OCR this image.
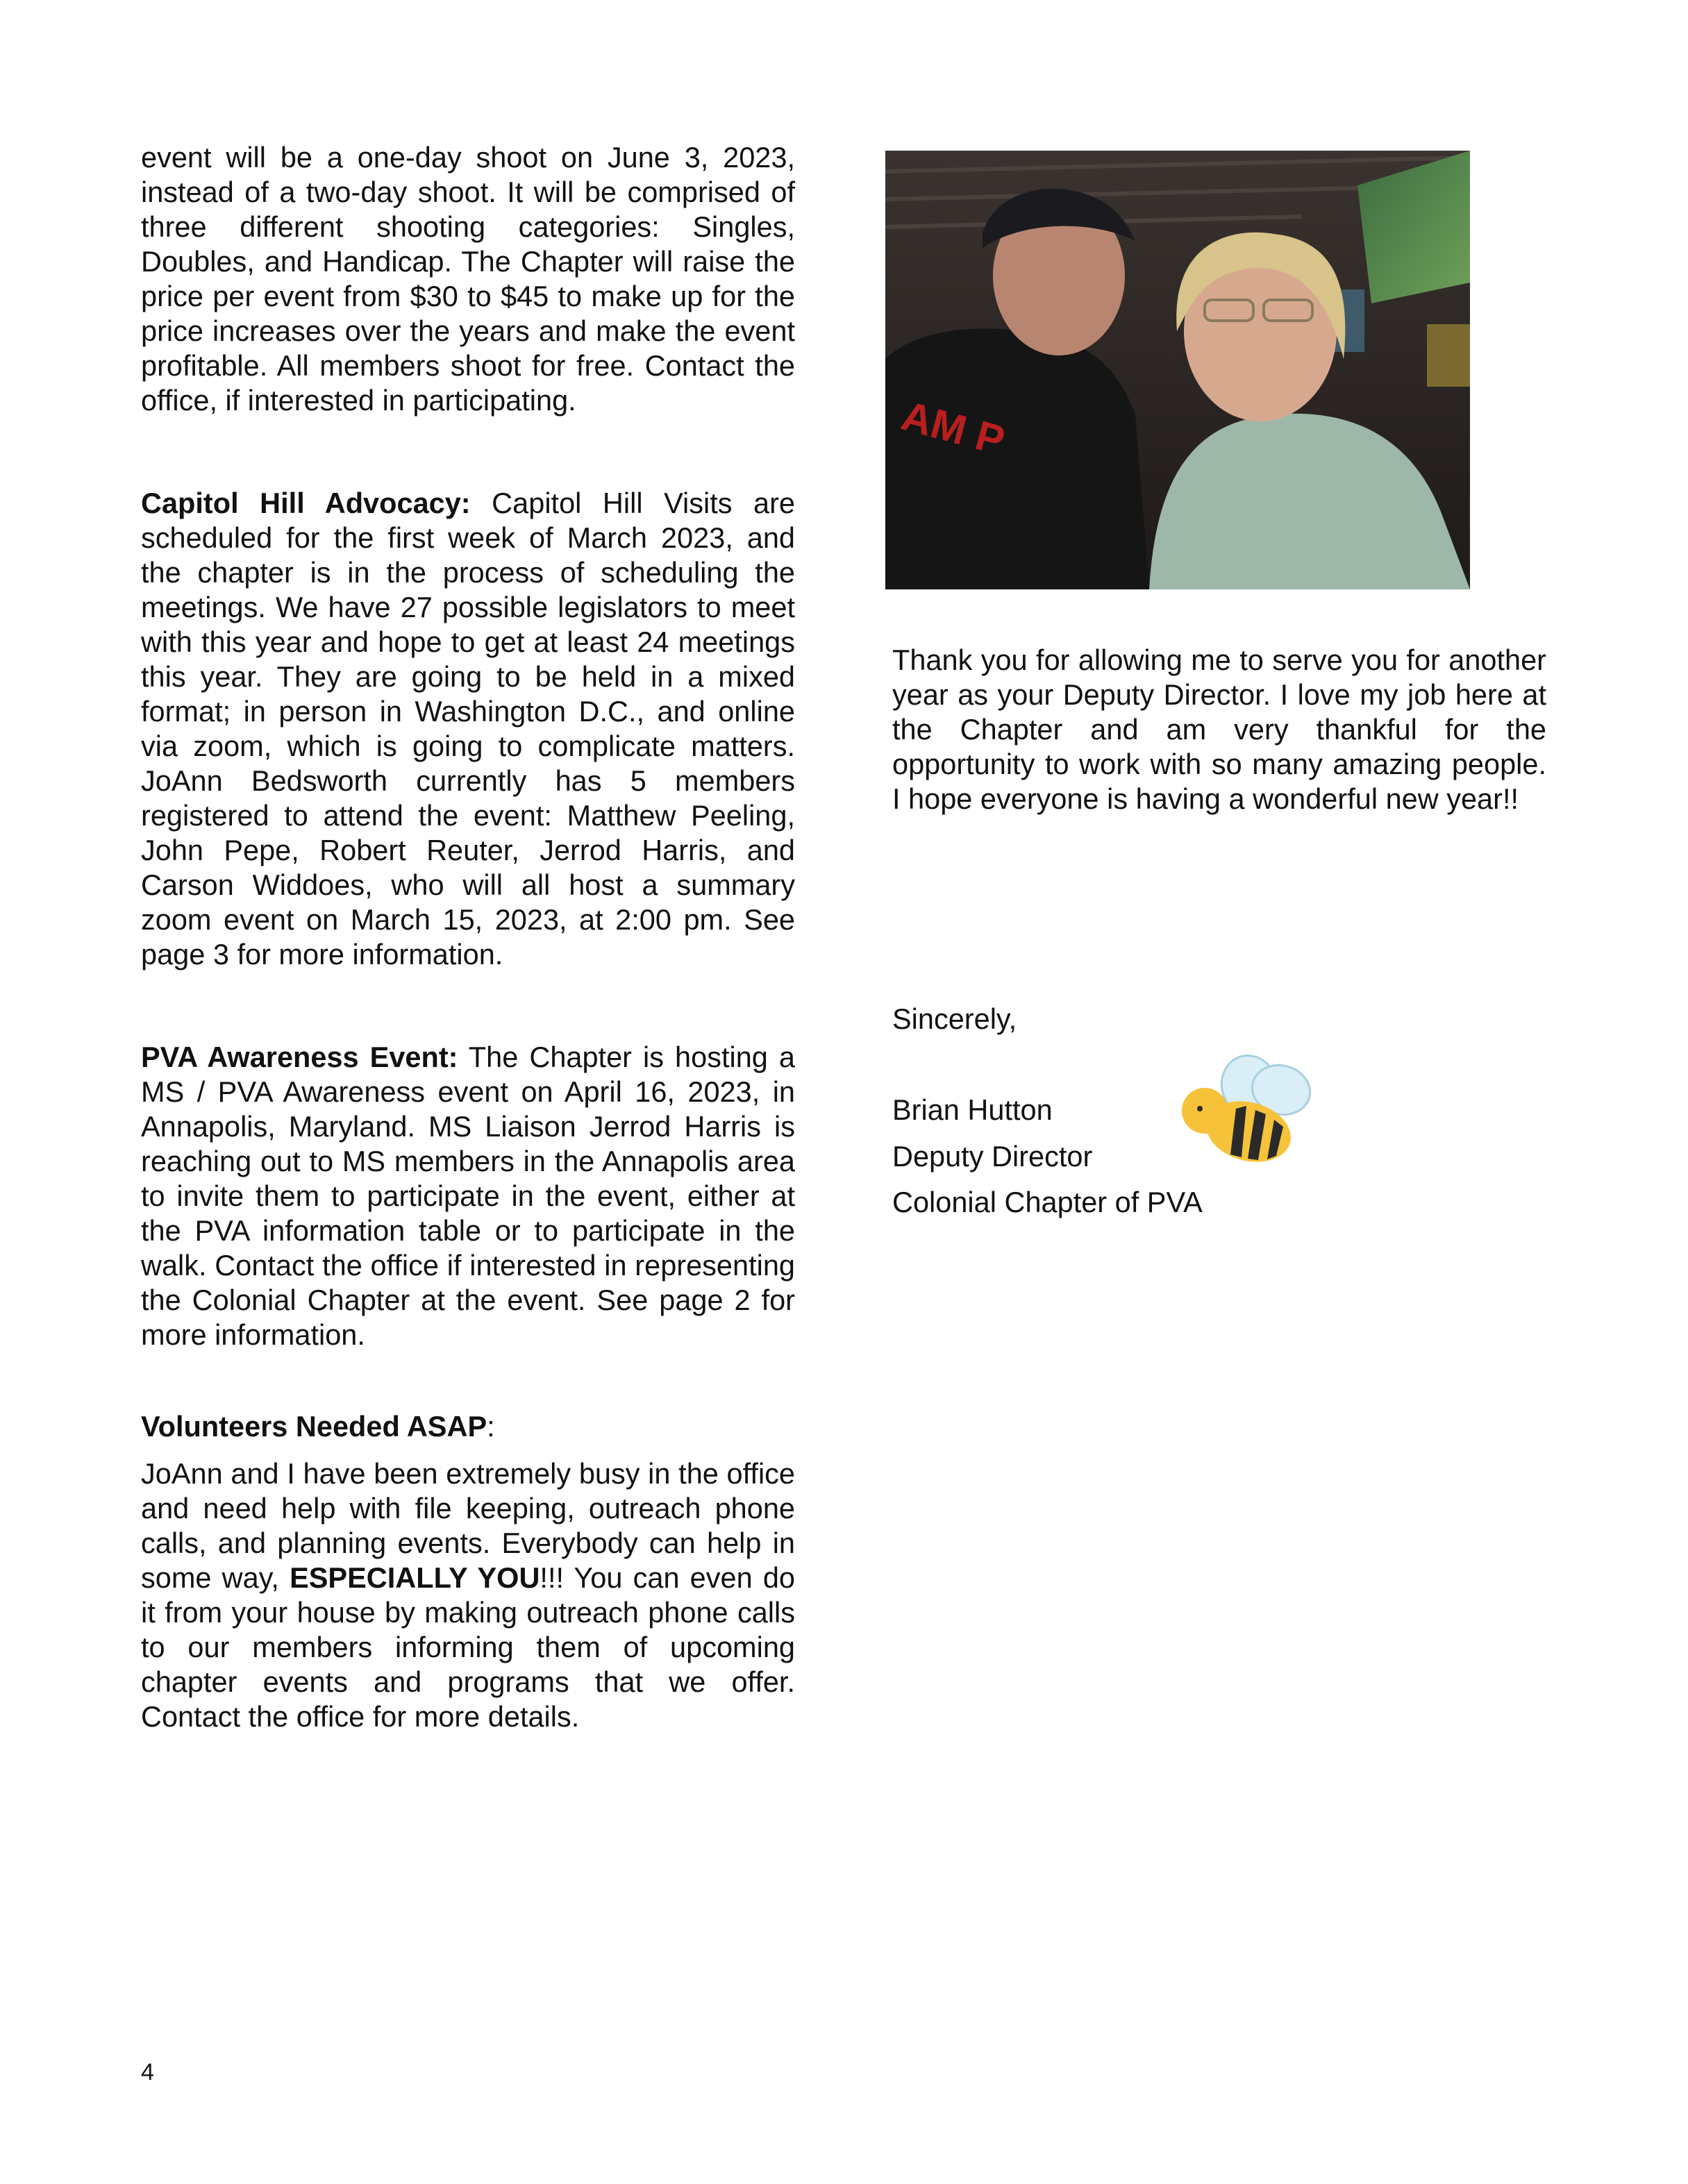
event will be a one-day shoot on June 3, 2023, instead of a two-day shoot. It will be comprised of three different shooting categories: Singles, Doubles, and Handicap. The Chapter will raise the price per event from $30 to $45 to make up for the price increases over the years and make the event profitable. All members shoot for free. Contact the office, if interested in participating.

Capitol Hill Advocacy: Capitol Hill Visits are scheduled for the first week of March 2023, and the chapter is in the process of scheduling the meetings. We have 27 possible legislators to meet with this year and hope to get at least 24 meetings this year. They are going to be held in a mixed format; in person in Washington D.C., and online via zoom, which is going to complicate matters. JoAnn Bedsworth currently has 5 members registered to attend the event: Matthew Peeling, John Pepe, Robert Reuter, Jerrod Harris, and Carson Widdoes, who will all host a summary zoom event on March 15, 2023, at 2:00 pm. See page 3 for more information.

PVA Awareness Event: The Chapter is hosting a MS / PVA Awareness event on April 16, 2023, in Annapolis, Maryland. MS Liaison Jerrod Harris is reaching out to MS members in the Annapolis area to invite them to participate in the event, either at the PVA information table or to participate in the walk. Contact the office if interested in representing the Colonial Chapter at the event. See page 2 for more information.

Volunteers Needed ASAP:

JoAnn and I have been extremely busy in the office and need help with file keeping, outreach phone calls, and planning events. Everybody can help in some way, ESPECIALLY YOU!!! You can even do it from your house by making outreach phone calls to our members informing them of upcoming chapter events and programs that we offer. Contact the office for more details.

AM P

Thank you for allowing me to serve you for another year as your Deputy Director. I love my job here at the Chapter and am very thankful for the opportunity to work with so many amazing people. I hope everyone is having a wonderful new year!!

Sincerely,
Brian Hutton
Deputy Director
Colonial Chapter of PVA
4
